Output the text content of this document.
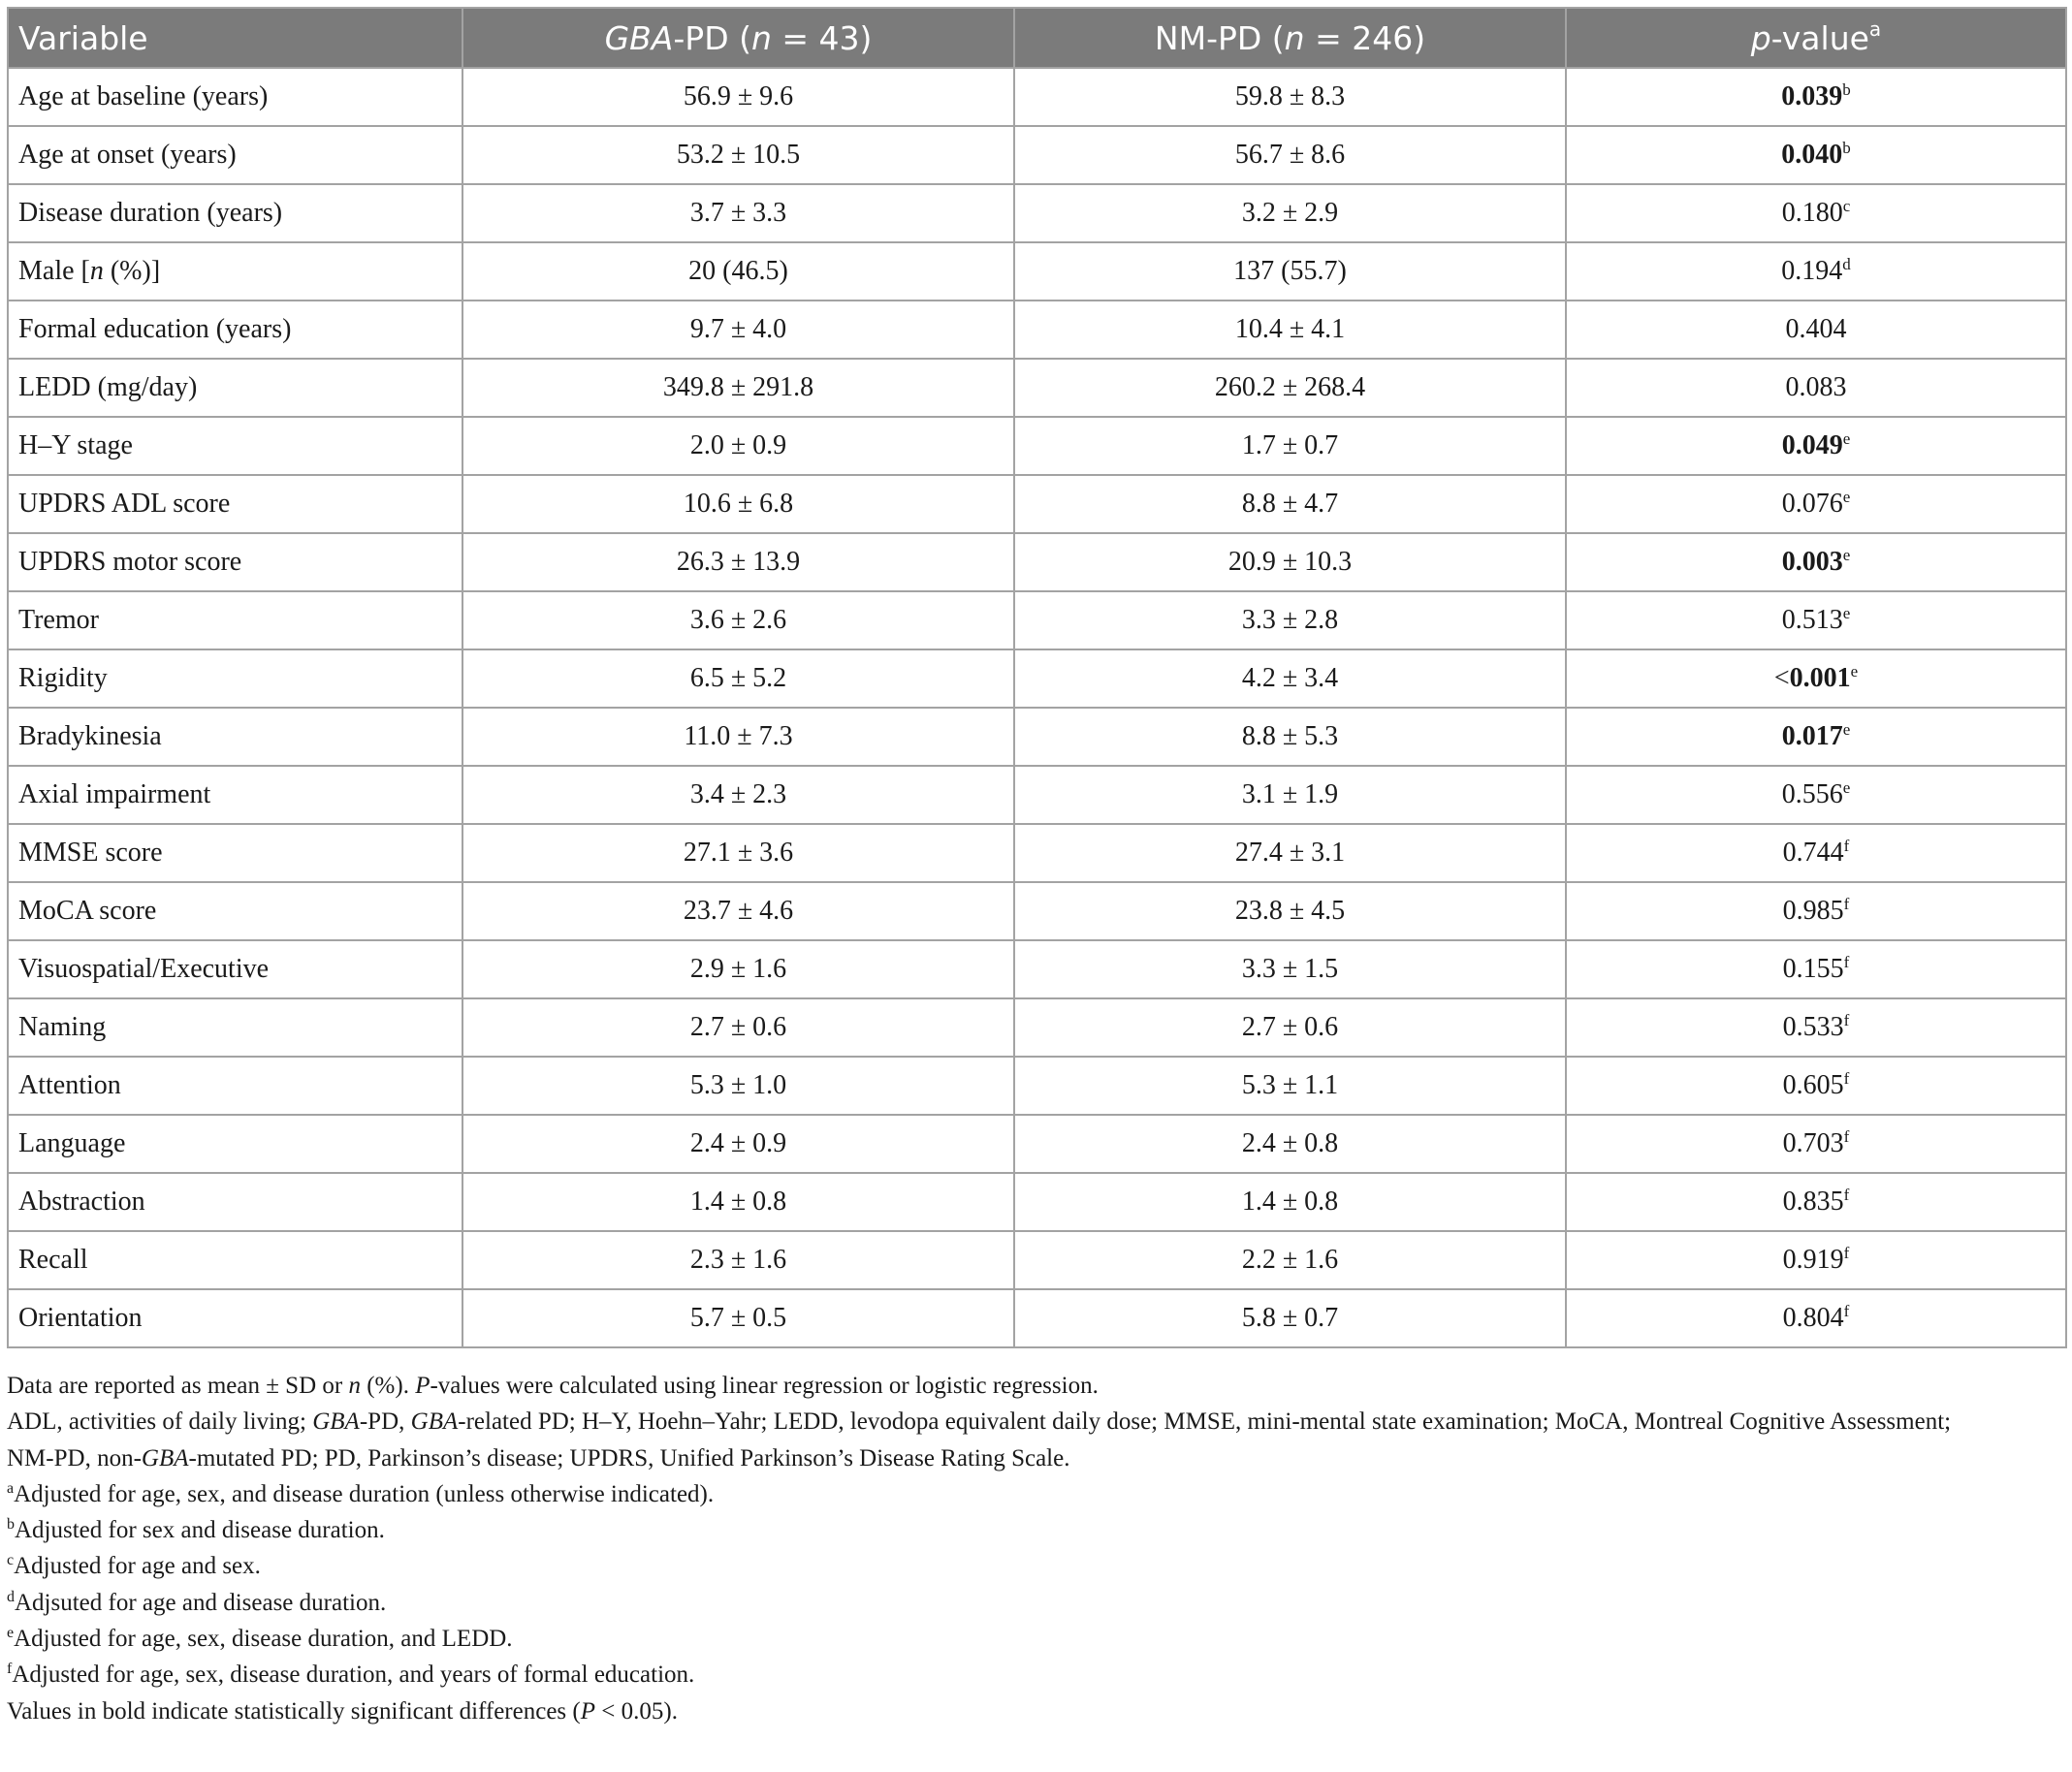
Variable	GBA-PD (n = 43)	NM-PD (n = 246)	p-value$^a$
Age at baseline (years)	56.9 ± 9.6	59.8 ± 8.3	0.039$^b$
Age at onset (years)	53.2 ± 10.5	56.7 ± 8.6	0.040$^b$
Disease duration (years)	3.7 ± 3.3	3.2 ± 2.9	0.180$^c$
Male [n (%)]	20 (46.5)	137 (55.7)	0.194$^d$
Formal education (years)	9.7 ± 4.0	10.4 ± 4.1	0.404
LEDD (mg/day)	349.8 ± 291.8	260.2 ± 268.4	0.083
H–Y stage	2.0 ± 0.9	1.7 ± 0.7	0.049e
UPDRS ADL score	10.6 ± 6.8	8.8 ± 4.7	0.076e
UPDRS motor score	26.3 ± 13.9	20.9 ± 10.3	0.003e
Tremor	3.6 ± 2.6	3.3 ± 2.8	0.513e
Rigidity	6.5 ± 5.2	4.2 ± 3.4	<0.001$^e$
Bradykinesia	11.0 ± 7.3	8.8 ± 5.3	0.017e
Axial impairment	3.4 ± 2.3	3.1 ± 1.9	0.556e
MMSE score	27.1 ± 3.6	27.4 ± 3.1	0.744$^f$
MoCA score	23.7 ± 4.6	23.8 ± 4.5	0.985$^f$
Visuospatial/Executive	2.9 ± 1.6	3.3 ± 1.5	0.155$^f$
Naming	2.7 ± 0.6	2.7 ± 0.6	0.533$^f$
Attention	5.3 ± 1.0	5.3 ± 1.1	0.605$^f$
Language	2.4 ± 0.9	2.4 ± 0.8	0.703$^f$
Abstraction	1.4 ± 0.8	1.4 ± 0.8	0.835$^f$
Recall	2.3 ± 1.6	2.2 ± 1.6	0.919$^f$
Orientation	5.7 ± 0.5	5.8 ± 0.7	0.804$^f$
Data are reported as mean ± SD or n (%). P-values were calculated using linear regression or logistic regression.
ADL, activities of daily living; GBA-PD, GBA-related PD; H–Y, Hoehn–Yahr; LEDD, levodopa equivalent daily dose; MMSE, mini-mental state examination; MoCA, Montreal Cognitive Assessment;
NM-PD, non-GBA-mutated PD; PD, Parkinson’s disease; UPDRS, Unified Parkinson’s Disease Rating Scale.
$^a$Adjusted for age, sex, and disease duration (unless otherwise indicated).
$^b$Adjusted for sex and disease duration.
$^c$Adjusted for age and sex.
$^d$Adjsuted for age and disease duration.
$^e$Adjusted for age, sex, disease duration, and LEDD.
$^f$Adjusted for age, sex, disease duration, and years of formal education.
Values in bold indicate statistically significant differences (P < 0.05).
